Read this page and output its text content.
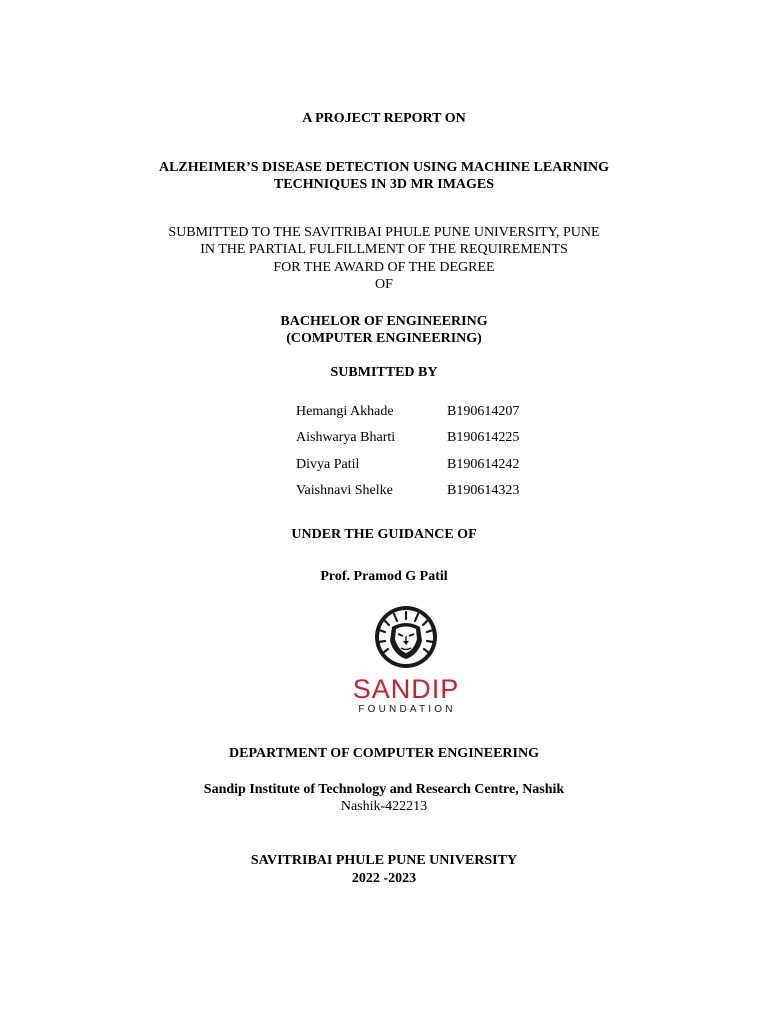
A PROJECT REPORT ON
ALZHEIMER’S DISEASE DETECTION USING MACHINE LEARNING
TECHNIQUES IN 3D MR IMAGES
SUBMITTED TO THE SAVITRIBAI PHULE PUNE UNIVERSITY, PUNE
IN THE PARTIAL FULFILLMENT OF THE REQUIREMENTS
FOR THE AWARD OF THE DEGREE
OF
BACHELOR OF ENGINEERING
(COMPUTER ENGINEERING)
SUBMITTED BY
Hemangi Akhade	B190614207
Aishwarya Bharti	B190614225
Divya Patil	B190614242
Vaishnavi Shelke	B190614323
UNDER THE GUIDANCE OF
Prof. Pramod G Patil
SANDIP
FOUNDATION
DEPARTMENT OF COMPUTER ENGINEERING
Sandip Institute of Technology and Research Centre, Nashik
Nashik-422213
SAVITRIBAI PHULE PUNE UNIVERSITY
2022 -2023
